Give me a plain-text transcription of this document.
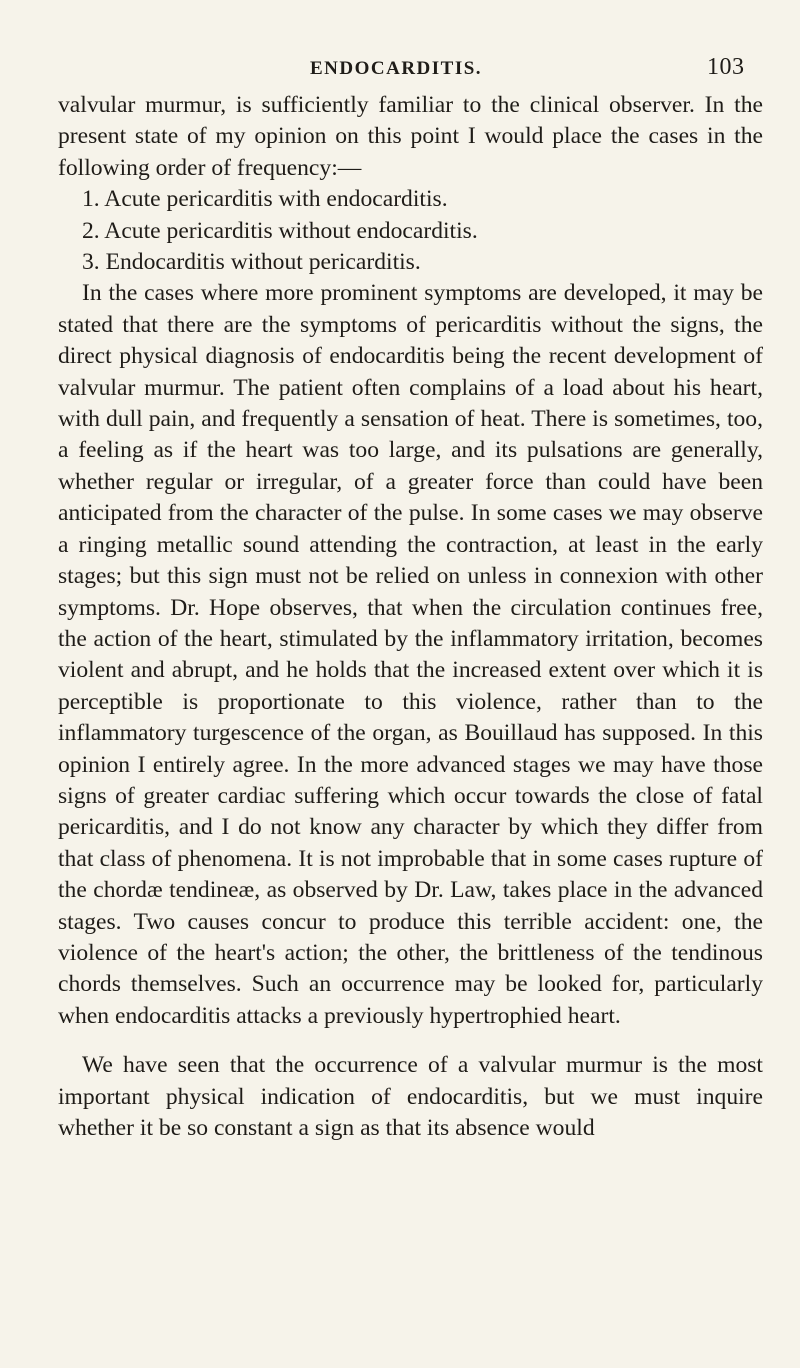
ENDOCARDITIS.	103

valvular murmur, is sufficiently familiar to the clinical observer. In the present state of my opinion on this point I would place the cases in the following order of frequency:—

1. Acute pericarditis with endocarditis.

2. Acute pericarditis without endocarditis.

3. Endocarditis without pericarditis.

In the cases where more prominent symptoms are developed, it may be stated that there are the symptoms of pericarditis without the signs, the direct physical diagnosis of endocarditis being the recent development of valvular murmur. The patient often complains of a load about his heart, with dull pain, and frequently a sensation of heat. There is sometimes, too, a feeling as if the heart was too large, and its pulsations are generally, whether regular or irregular, of a greater force than could have been anticipated from the character of the pulse. In some cases we may observe a ringing metallic sound attending the contraction, at least in the early stages; but this sign must not be relied on unless in connexion with other symptoms. Dr. Hope observes, that when the circulation continues free, the action of the heart, stimulated by the inflammatory irritation, becomes violent and abrupt, and he holds that the increased extent over which it is perceptible is proportionate to this violence, rather than to the inflammatory turgescence of the organ, as Bouillaud has supposed. In this opinion I entirely agree. In the more advanced stages we may have those signs of greater cardiac suffering which occur towards the close of fatal pericarditis, and I do not know any character by which they differ from that class of phenomena. It is not improbable that in some cases rupture of the chordæ tendineæ, as observed by Dr. Law, takes place in the advanced stages. Two causes concur to produce this terrible accident: one, the violence of the heart's action; the other, the brittleness of the tendinous chords themselves. Such an occurrence may be looked for, particularly when endocarditis attacks a previously hypertrophied heart.

We have seen that the occurrence of a valvular murmur is the most important physical indication of endocarditis, but we must inquire whether it be so constant a sign as that its absence would
